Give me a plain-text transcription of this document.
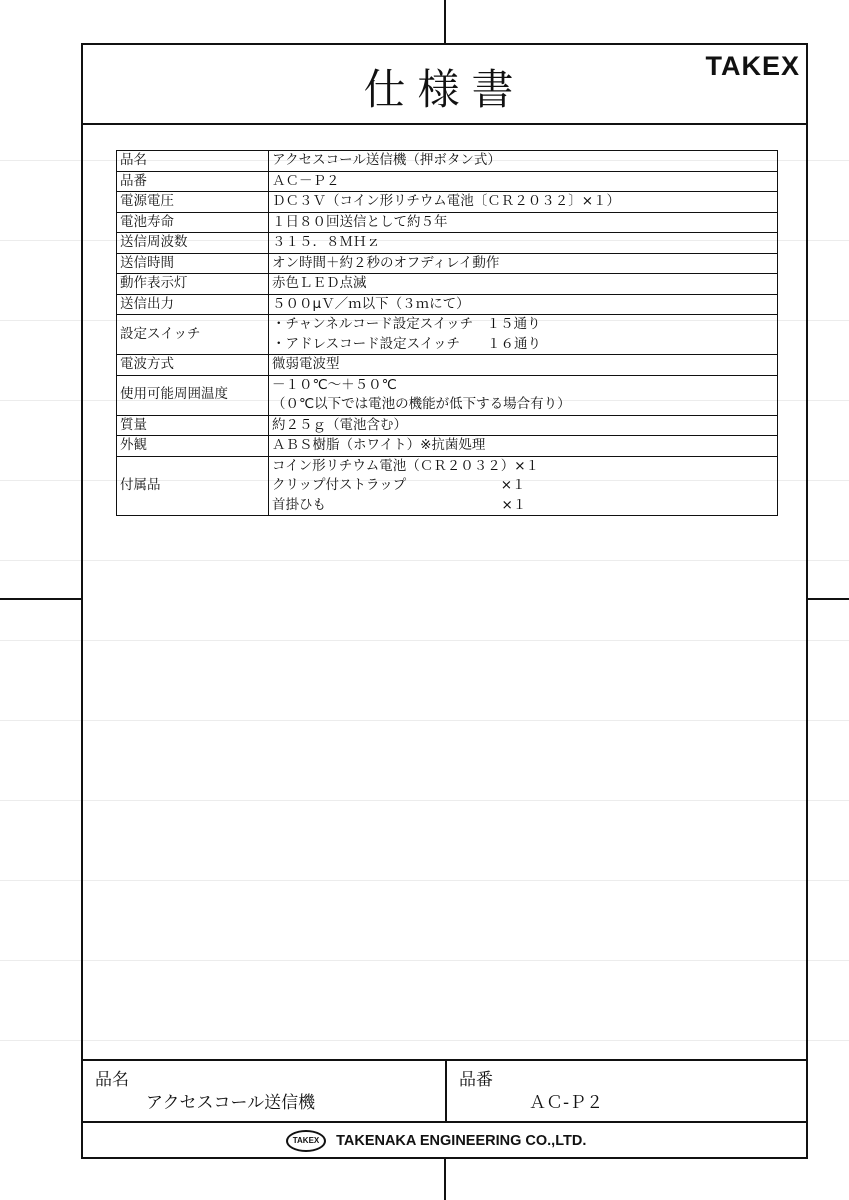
仕様書	TAKEX
品名	アクセスコール送信機（押ボタン式）

品番	ＡＣ－Ｐ２

電源電圧	ＤＣ３Ｖ（コイン形リチウム電池〔ＣＲ２０３２〕×１）

電池寿命	１日８０回送信として約５年

送信周波数	３１５．８ＭＨｚ

送信時間	オン時間＋約２秒のオフディレイ動作

動作表示灯	赤色ＬＥＤ点滅

送信出力	５００μＶ／ｍ以下（３ｍにて）

設定スイッチ	・チャンネルコード設定スイッチ　１５通り
・アドレスコード設定スイッチ　　１６通り

電波方式	微弱電波型

使用可能周囲温度	－１０℃～＋５０℃
（０℃以下では電池の機能が低下する場合有り）

質量	約２５ｇ（電池含む）

外観	ＡＢＳ樹脂（ホワイト）※抗菌処理

付属品	コイン形リチウム電池（ＣＲ２０３２）×１
クリップ付ストラップ　　　　　　　×１
首掛ひも　　　　　　　　　　　　　×１
品名
アクセスコール送信機
品番
ＡＣ-Ｐ２
TAKEX TAKENAKA ENGINEERING CO.,LTD.
